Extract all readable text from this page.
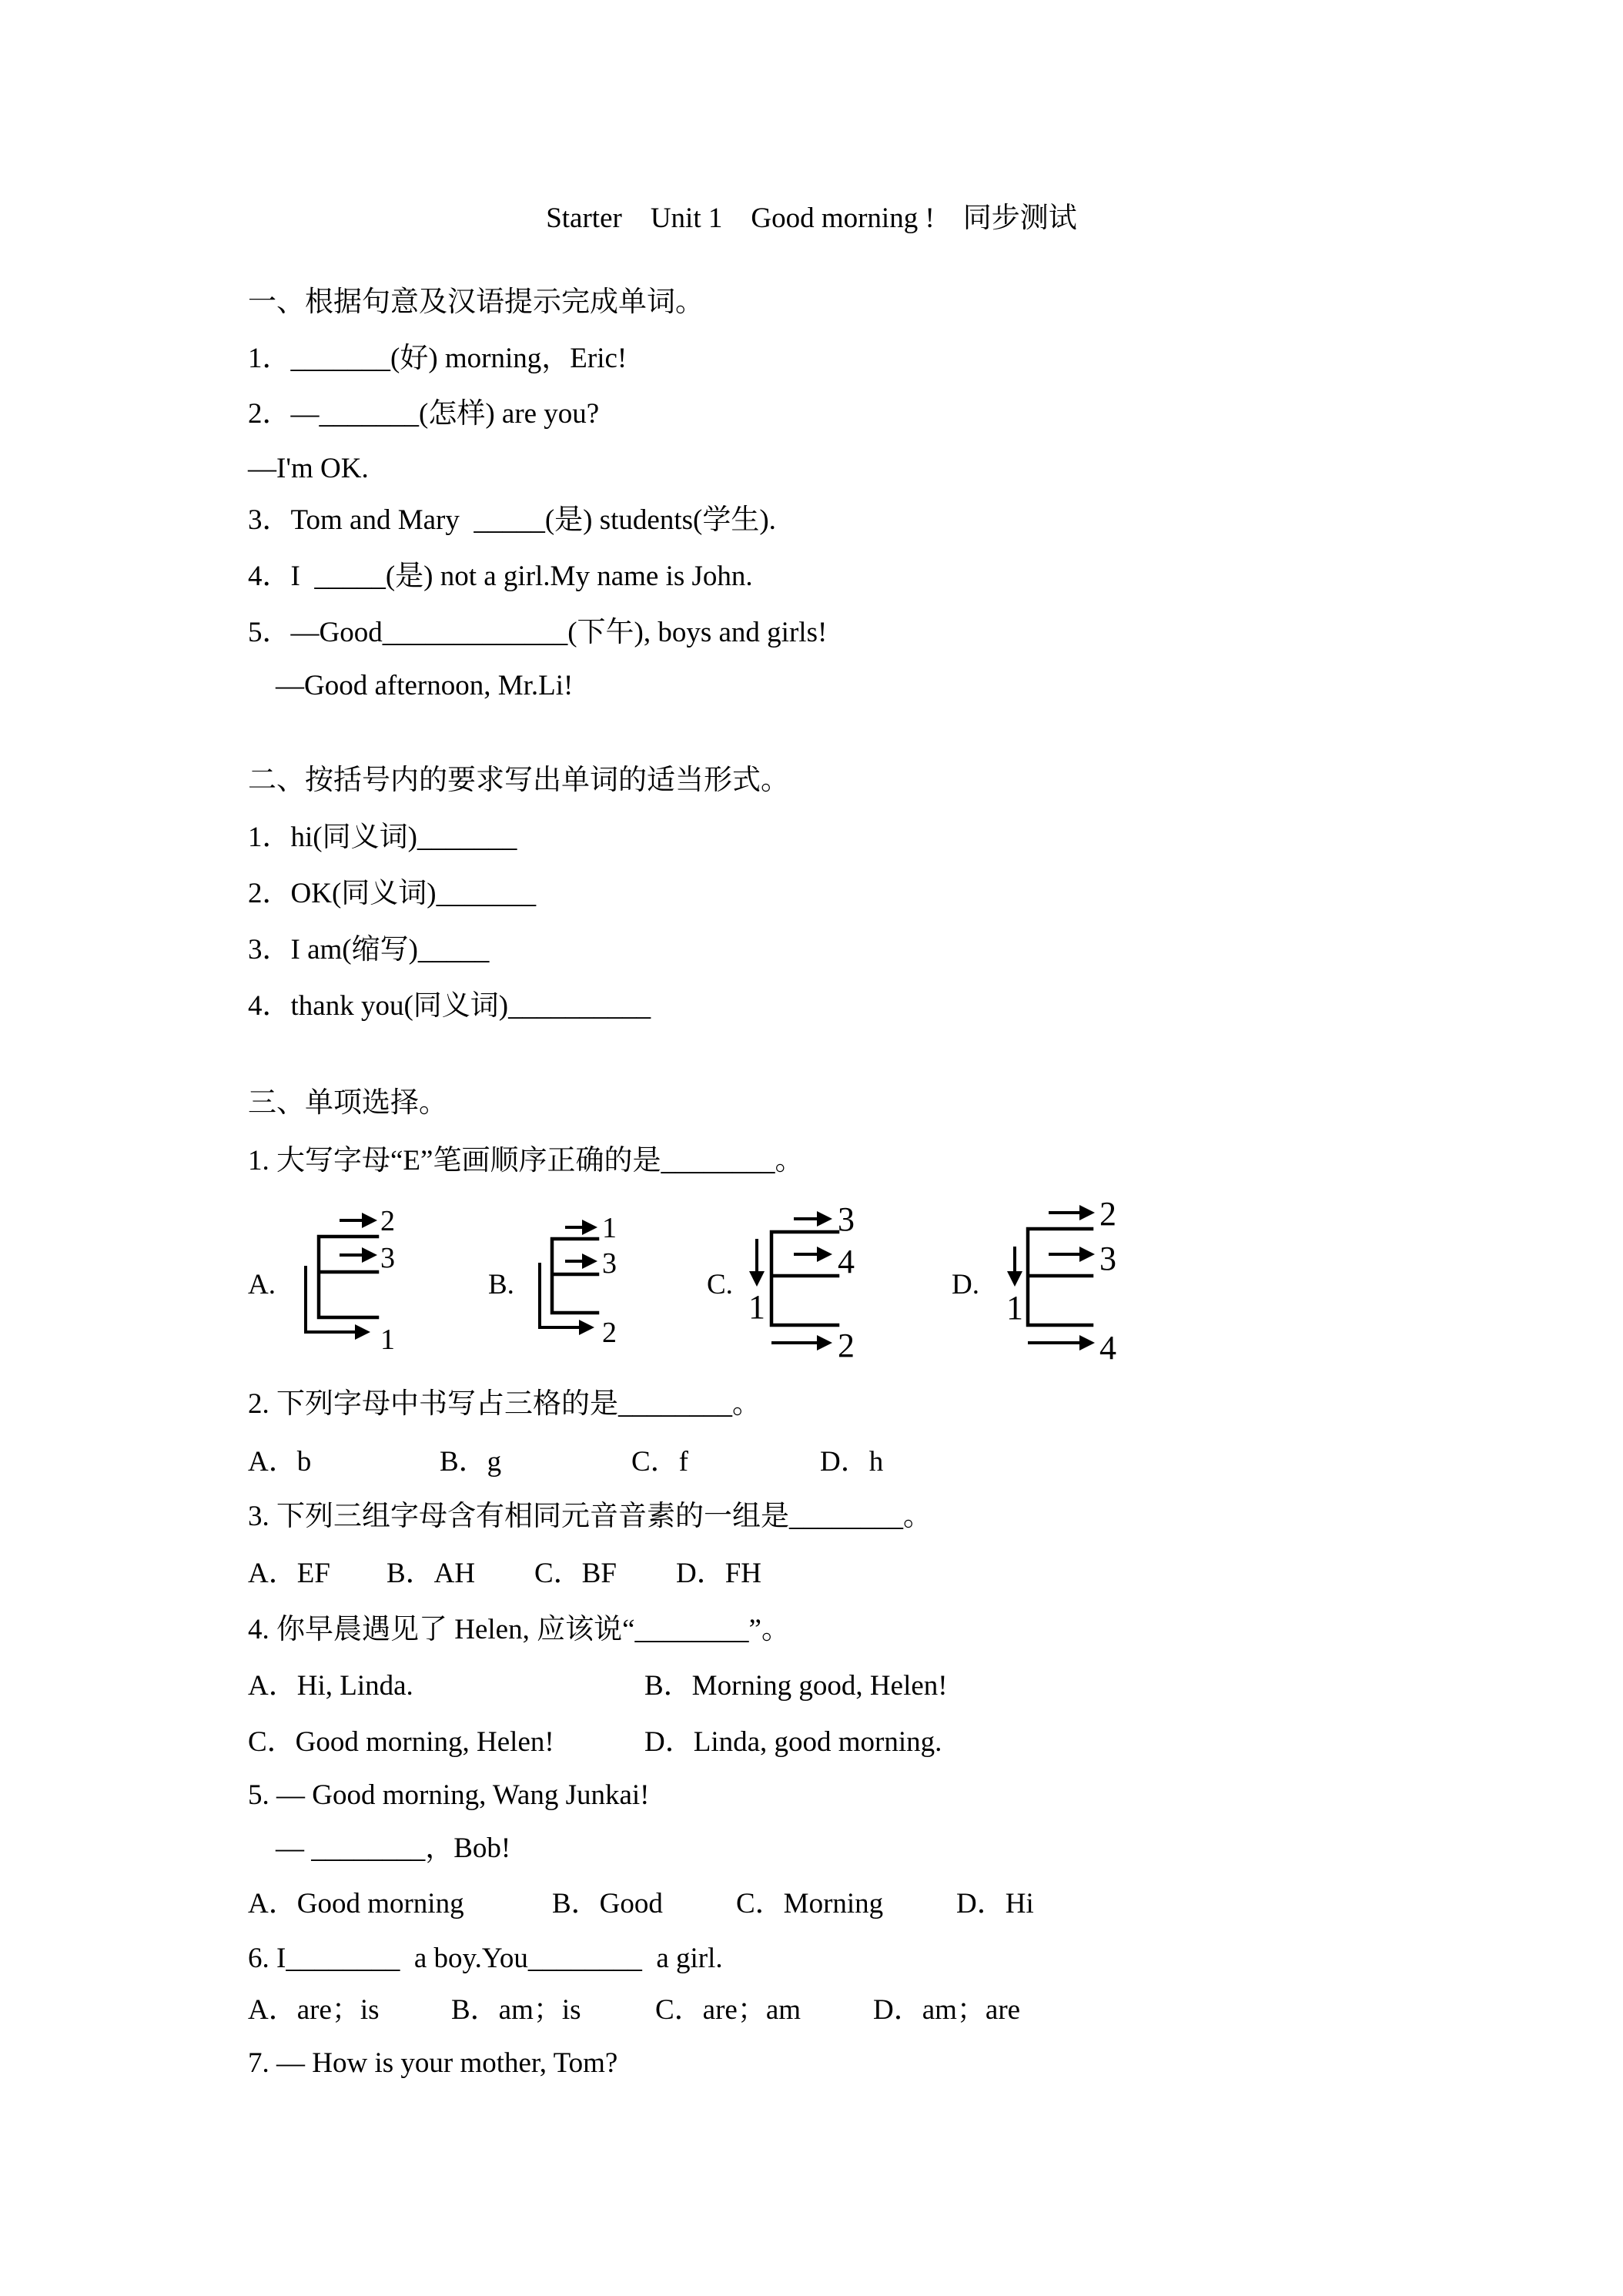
Starter　Unit 1　Good morning !　同步测试
一、根据句意及汉语提示完成单词。
1．_______(好) morning，Eric!
2．—_______(怎样) are you?
—I'm OK.
3．Tom and Mary  _____(是) students(学生).
4．I  _____(是) not a girl.My name is John.
5．—Good_____________(下午), boys and girls!
—Good afternoon, Mr.Li!
二、按括号内的要求写出单词的适当形式。
1．hi(同义词)_______
2．OK(同义词)_______
3．I am(缩写)_____
4．thank you(同义词)__________
三、单项选择。
1. 大写字母“E”笔画顺序正确的是________。
A.	B.	C.	D.
2
3
1
1
3
2
1
3
4
2
1
2
3
4
2. 下列字母中书写占三格的是________。
A．b	B．g	C．f	D．h
3. 下列三组字母含有相同元音音素的一组是________。
A．EF B．AH C．BF D．FH
4. 你早晨遇见了 Helen, 应该说“________”。
A．Hi, Linda.	B．Morning good, Helen!
C．Good morning, Helen!	D．Linda, good morning.
5. — Good morning, Wang Junkai!
— ________，Bob!
A．Good morning	B．Good	C．Morning	D．Hi
6. I________  a boy.You________  a girl.
A．are；is	B．am；is	C．are；am	D．am；are
7. — How is your mother, Tom?
